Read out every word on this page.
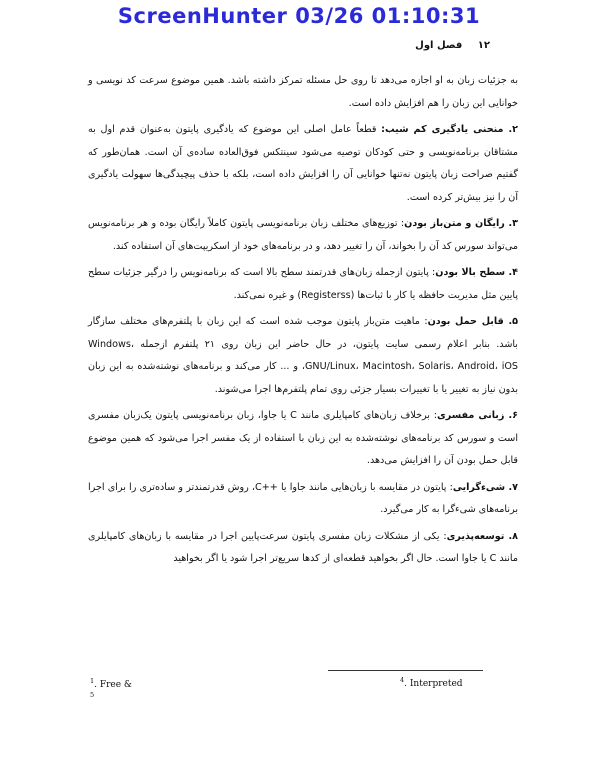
ScreenHunter 03/26 01:10:31
۱۲ فصل اول

به جزئیات زبان به او اجازه می‌دهد تا روی حل مسئله تمرکز داشته باشد. همین موضوع سرعت کد نویسی و خوانایی این زبان را هم افزایش داده است.

۲. منحنی یادگیری کم شیب: قطعاً عامل اصلی این موضوع که یادگیری پایتون به‌عنوان قدم اول به مشتاقان برنامه‌نویسی و حتی کودکان توصیه می‌شود سینتکس فوق‌العاده ساده‌ی آن است. همان‌طور که گفتیم صراحت زبان پایتون نه‌تنها خوانایی آن را افزایش داده است، بلکه با حذف پیچیدگی‌ها سهولت یادگیری آن را نیز بیش‌تر کرده است.

۳. رایگان و متن‌باز بودن: توزیع‌های مختلف زبان برنامه‌نویسی پایتون کاملاً رایگان بوده و هر برنامه‌نویس می‌تواند سورس کد آن را بخواند، آن را تغییر دهد، و در برنامه‌های خود از اسکریپت‌های آن استفاده کند.

۴. سطح بالا بودن: پایتون ازجمله زبان‌های قدرتمند سطح بالا است که برنامه‌نویس را درگیر جزئیات سطح پایین مثل مدیریت حافظه یا کار با ثبات‌ها (Registerss) و غیره نمی‌کند.

۵. قابل حمل بودن: ماهیت متن‌باز پایتون موجب شده است که این زبان با پلتفرم‌های مختلف سازگار باشد. بنابر اعلام رسمی سایت پایتون، در حال حاضر این زبان روی ۲۱ پلتفرم ازجمله Windows، GNU/Linux، Macintosh، Solaris، Android، iOS، و ... کار می‌کند و برنامه‌های نوشته‌شده به این زبان بدون نیاز به تغییر یا با تغییرات بسیار جزئی روی تمام پلتفرم‌ها اجرا می‌شوند.

۶. زبانی مفسری: برخلاف زبان‌های کامپایلری مانند C یا جاوا، زبان برنامه‌نویسی پایتون یک‌زبان مفسری است و سورس کد برنامه‌های نوشته‌شده به این زبان با استفاده از یک مفسر اجرا می‌شود که همین موضوع قابل حمل بودن آن را افزایش می‌دهد.

۷. شیءگرایی: پایتون در مقایسه با زبان‌هایی مانند جاوا یا ++C، روش قدرتمندتر و ساده‌تری را برای اجرا برنامه‌های شیءگرا به کار می‌گیرد.

۸. توسعه‌پذیری: یکی از مشکلات زبان مفسری پایتون سرعت‌پایین اجرا در مقایسه با زبان‌های کامپایلری مانند C یا جاوا است. حال اگر بخواهید قطعه‌ای از کدها سریع‌تر اجرا شود یا اگر بخواهید

$^4$. Interpreted
$^1$. Free &
$^5$
